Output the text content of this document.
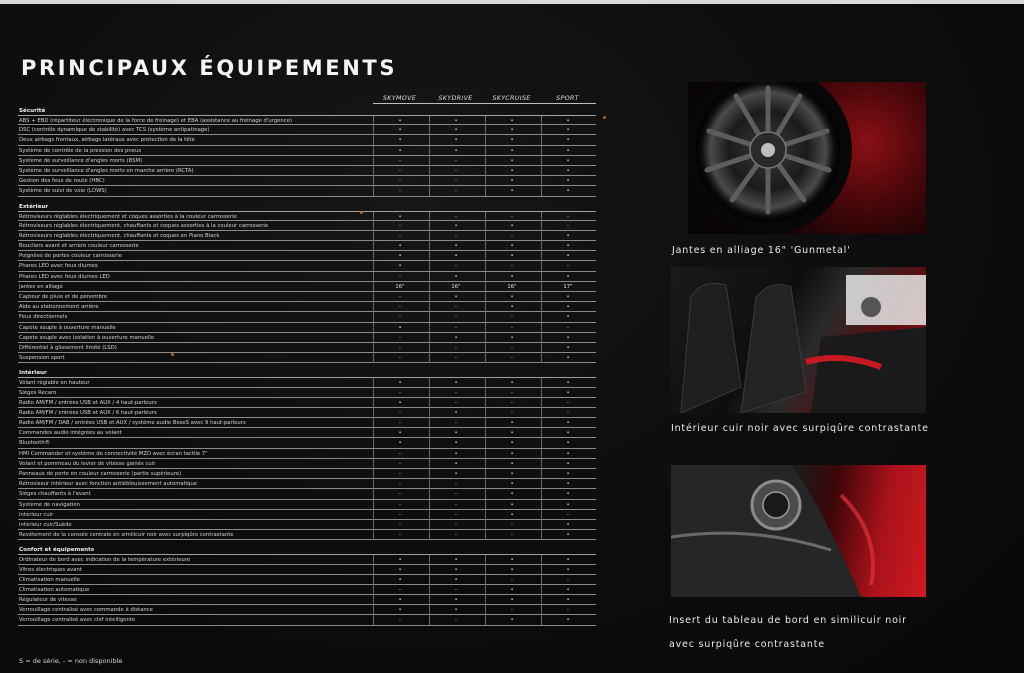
PRINCIPAUX ÉQUIPEMENTS
SKYMOVE	SKYDRIVE	SKYCRUISE	SPORT
Sécurité
ABS + EBD (répartiteur électronique de la force de freinage) et EBA (assistance au freinage d'urgence)	•	•	•	•
DSC (contrôle dynamique de stabilité) avec TCS (système antipatinage)	•	•	•	•
Deux airbags frontaux, airbags latéraux avec protection de la tête	•	•	•	•
Système de contrôle de la pression des pneus	•	•	•	•
Système de surveillance d'angles morts (BSM)	-	-	•	•
Système de surveillance d'angles morts en marche arrière (RCTA)	-	-	•	•
Gestion des feux de route (HBC)	-	-	•	•
Système de suivi de voie (LDWS)	-	-	•	•
Extérieur
Rétroviseurs réglables électriquement et coques assorties à la couleur carrosserie	•	-	-	-
Rétroviseurs réglables électriquement, chauffants et coques assorties à la couleur carrosserie	-	•	•	-
Rétroviseurs réglables électriquement, chauffants et coques en Piano Black	-	-	-	•
Boucliers avant et arrière couleur carrosserie	•	•	•	•
Poignées de portes couleur carrosserie	•	•	•	•
Phares LED avec feux diurnes	•	-	-	-
Phares LED avec feux diurnes LED	-	•	•	•
Jantes en alliage	16"	16"	16"	17"
Capteur de pluie et de pénombre	-	•	•	•
Aide au stationnement arrière	-	-	•	•
Feux directionnels	-	-	-	•
Capote souple à ouverture manuelle	•	-	-	-
Capote souple avec isolation à ouverture manuelle	-	•	•	•
Différentiel à glissement limité (LSD)	-	-	-	•
Suspension sport	-	-	-	•
Intérieur
Volant réglable en hauteur	•	•	•	•
Sièges Recaro	-	-	-	•
Radio AM/FM / entrées USB et AUX / 4 haut-parleurs	•	-	-	-
Radio AM/FM / entrées USB et AUX / 6 haut-parleurs	-	•	-	-
Radio AM/FM / DAB / entrées USB et AUX / système audio BoseS avec 9 haut-parleurs	-	-	•	•
Commandes audio intégrées au volant	•	•	•	•
Bluetooth®	•	•	•	•
HMI Commander et système de connectivité MZD avec écran tactile 7"	-	•	•	•
Volant et pommeau du levier de vitesse gainés cuir	-	•	•	•
Panneaux de porte en couleur carrosserie (partie supérieure)	-	•	•	•
Rétroviseur intérieur avec fonction antiéblouissement automatique	-	-	•	•
Sièges chauffants à l'avant	-	-	•	•
Système de navigation	-	-	•	•
Intérieur cuir	-	-	•	-
Intérieur cuir/Suède	-	-	-	•
Revêtement de la console centrale en similicuir noir avec surpiqûre contrastante	-	-	-	•
Confort et équipements
Ordinateur de bord avec indication de la température extérieure	•	•	•	•
Vitres électriques avant	•	•	•	•
Climatisation manuelle	•	•	-	-
Climatisation automatique	-	-	•	•
Régulateur de vitesse	•	•	•	•
Verrouillage centralisé avec commande à distance	•	•	-	-
Verrouillage centralisé avec clef intelligente	-	-	•	•
S = de série, - = non disponible
Jantes en alliage 16" 'Gunmetal'
Intérieur cuir noir avec surpiqûre contrastante
Insert du tableau de bord en similicuir noir
avec surpiqûre contrastante
